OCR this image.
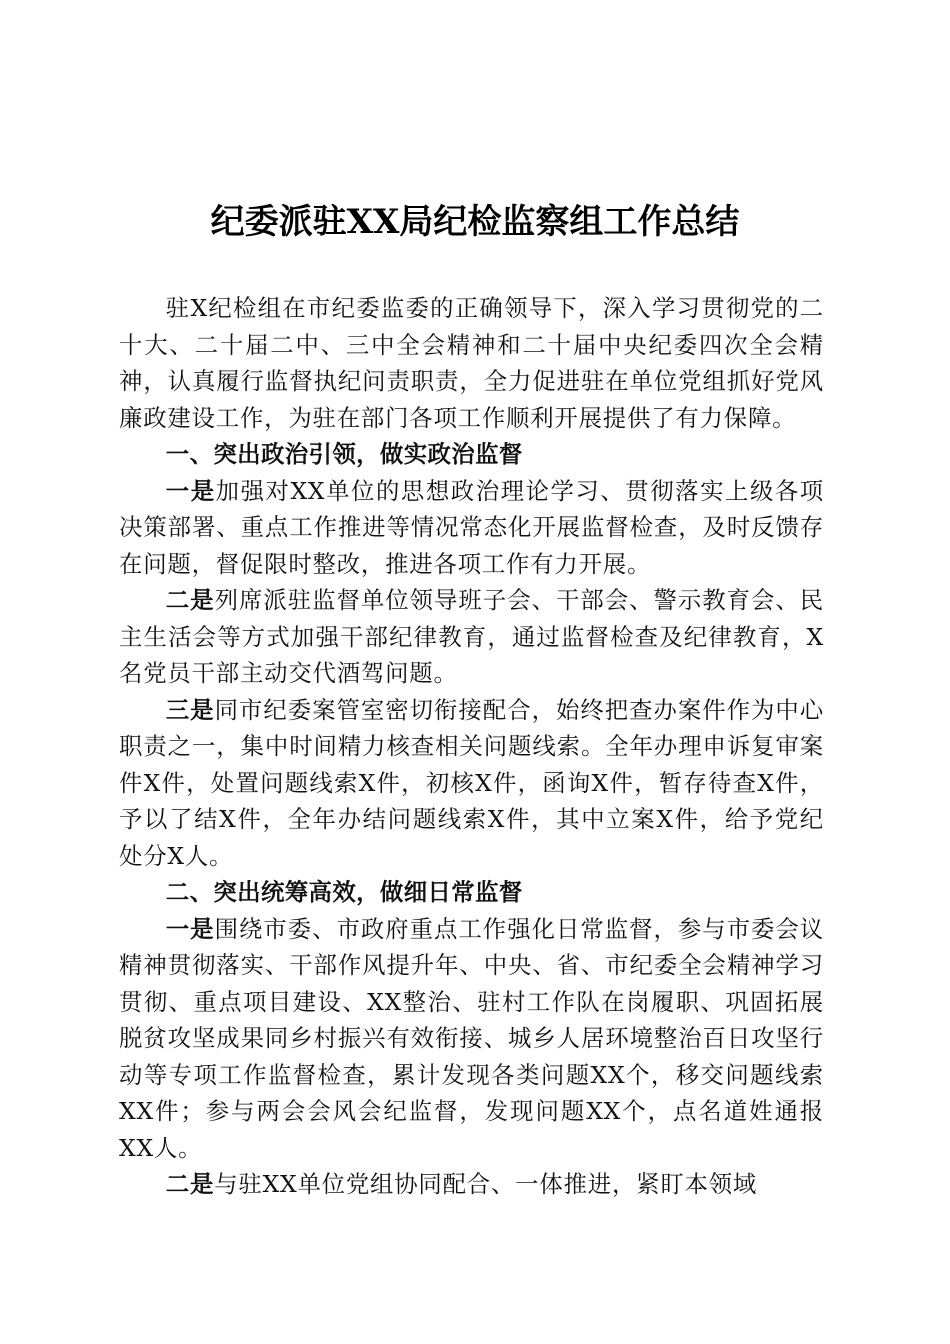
纪委派驻XX局纪检监察组工作总结

驻X纪检组在市纪委监委的正确领导下，深入学习贯彻党的二十大、二十届二中、三中全会精神和二十届中央纪委四次全会精神，认真履行监督执纪问责职责，全力促进驻在单位党组抓好党风廉政建设工作，为驻在部门各项工作顺利开展提供了有力保障。

一、突出政治引领，做实政治监督

一是加强对XX单位的思想政治理论学习、贯彻落实上级各项决策部署、重点工作推进等情况常态化开展监督检查，及时反馈存在问题，督促限时整改，推进各项工作有力开展。

二是列席派驻监督单位领导班子会、干部会、警示教育会、民主生活会等方式加强干部纪律教育，通过监督检查及纪律教育，X名党员干部主动交代酒驾问题。

三是同市纪委案管室密切衔接配合，始终把查办案件作为中心职责之一，集中时间精力核查相关问题线索。全年办理申诉复审案件X件，处置问题线索X件，初核X件，函询X件，暂存待查X件，予以了结X件，全年办结问题线索X件，其中立案X件，给予党纪处分X人。

二、突出统筹高效，做细日常监督

一是围绕市委、市政府重点工作强化日常监督，参与市委会议精神贯彻落实、干部作风提升年、中央、省、市纪委全会精神学习贯彻、重点项目建设、XX整治、驻村工作队在岗履职、巩固拓展脱贫攻坚成果同乡村振兴有效衔接、城乡人居环境整治百日攻坚行动等专项工作监督检查，累计发现各类问题XX个，移交问题线索XX件；参与两会会风会纪监督，发现问题XX个，点名道姓通报XX人。

二是与驻XX单位党组协同配合、一体推进，紧盯本领域
